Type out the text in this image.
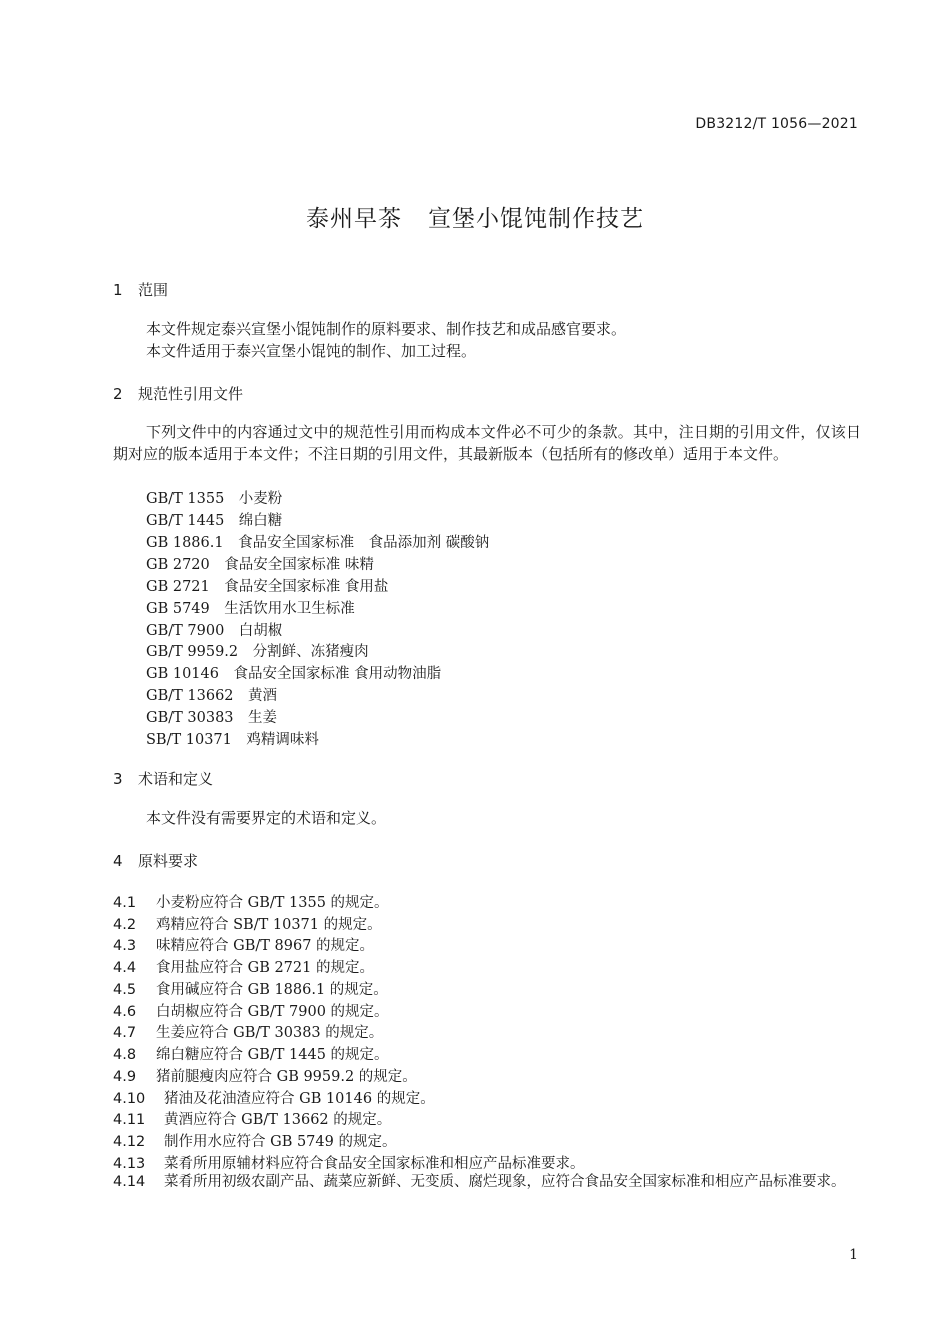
DB3212/T 1056—2021
泰州早茶 宣堡小馄饨制作技艺
1 范围
本文件规定泰兴宣堡小馄饨制作的原料要求、制作技艺和成品感官要求。
本文件适用于泰兴宣堡小馄饨的制作、加工过程。
2 规范性引用文件
下列文件中的内容通过文中的规范性引用而构成本文件必不可少的条款。其中，注日期的引用文件，仅该日期对应的版本适用于本文件；不注日期的引用文件，其最新版本（包括所有的修改单）适用于本文件。
GB/T 1355　小麦粉
GB/T 1445　绵白糖
GB 1886.1　食品安全国家标准　食品添加剂 碳酸钠
GB 2720　食品安全国家标准 味精
GB 2721　食品安全国家标准 食用盐
GB 5749　生活饮用水卫生标准
GB/T 7900　白胡椒
GB/T 9959.2　分割鲜、冻猪瘦肉
GB 10146　食品安全国家标准 食用动物油脂
GB/T 13662　黄酒
GB/T 30383　生姜
SB/T 10371　鸡精调味料
3 术语和定义
本文件没有需要界定的术语和定义。
4 原料要求
4.1 小麦粉应符合 GB/T 1355 的规定。
4.2 鸡精应符合 SB/T 10371 的规定。
4.3 味精应符合 GB/T 8967 的规定。
4.4 食用盐应符合 GB 2721 的规定。
4.5 食用碱应符合 GB 1886.1 的规定。
4.6 白胡椒应符合 GB/T 7900 的规定。
4.7 生姜应符合 GB/T 30383 的规定。
4.8 绵白糖应符合 GB/T 1445 的规定。
4.9 猪前腿瘦肉应符合 GB 9959.2 的规定。
4.10 猪油及花油渣应符合 GB 10146 的规定。
4.11 黄酒应符合 GB/T 13662 的规定。
4.12 制作用水应符合 GB 5749 的规定。
4.13 菜肴所用原辅材料应符合食品安全国家标准和相应产品标准要求。
4.14 菜肴所用初级农副产品、蔬菜应新鲜、无变质、腐烂现象，应符合食品安全国家标准和相应产品标准要求。
1
